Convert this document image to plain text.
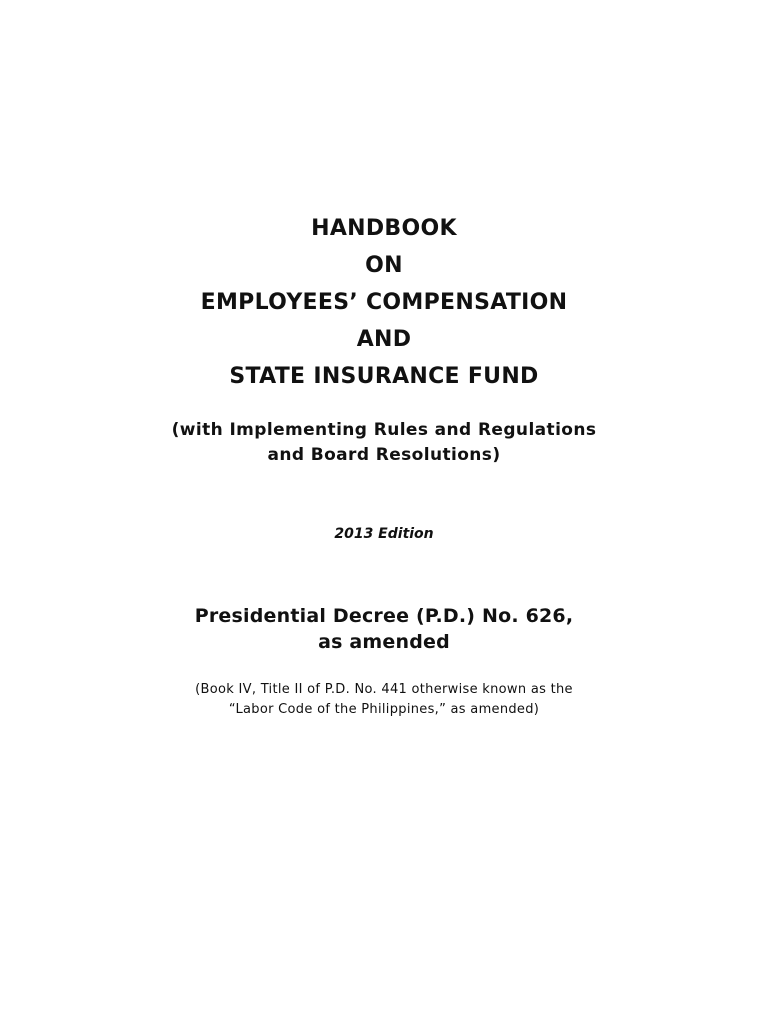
HANDBOOK
ON
EMPLOYEES’ COMPENSATION
AND
STATE INSURANCE FUND
(with Implementing Rules and Regulations
and Board Resolutions)
2013 Edition
Presidential Decree (P.D.) No. 626,
as amended
(Book IV, Title II of P.D. No. 441 otherwise known as the
“Labor Code of the Philippines,” as amended)
